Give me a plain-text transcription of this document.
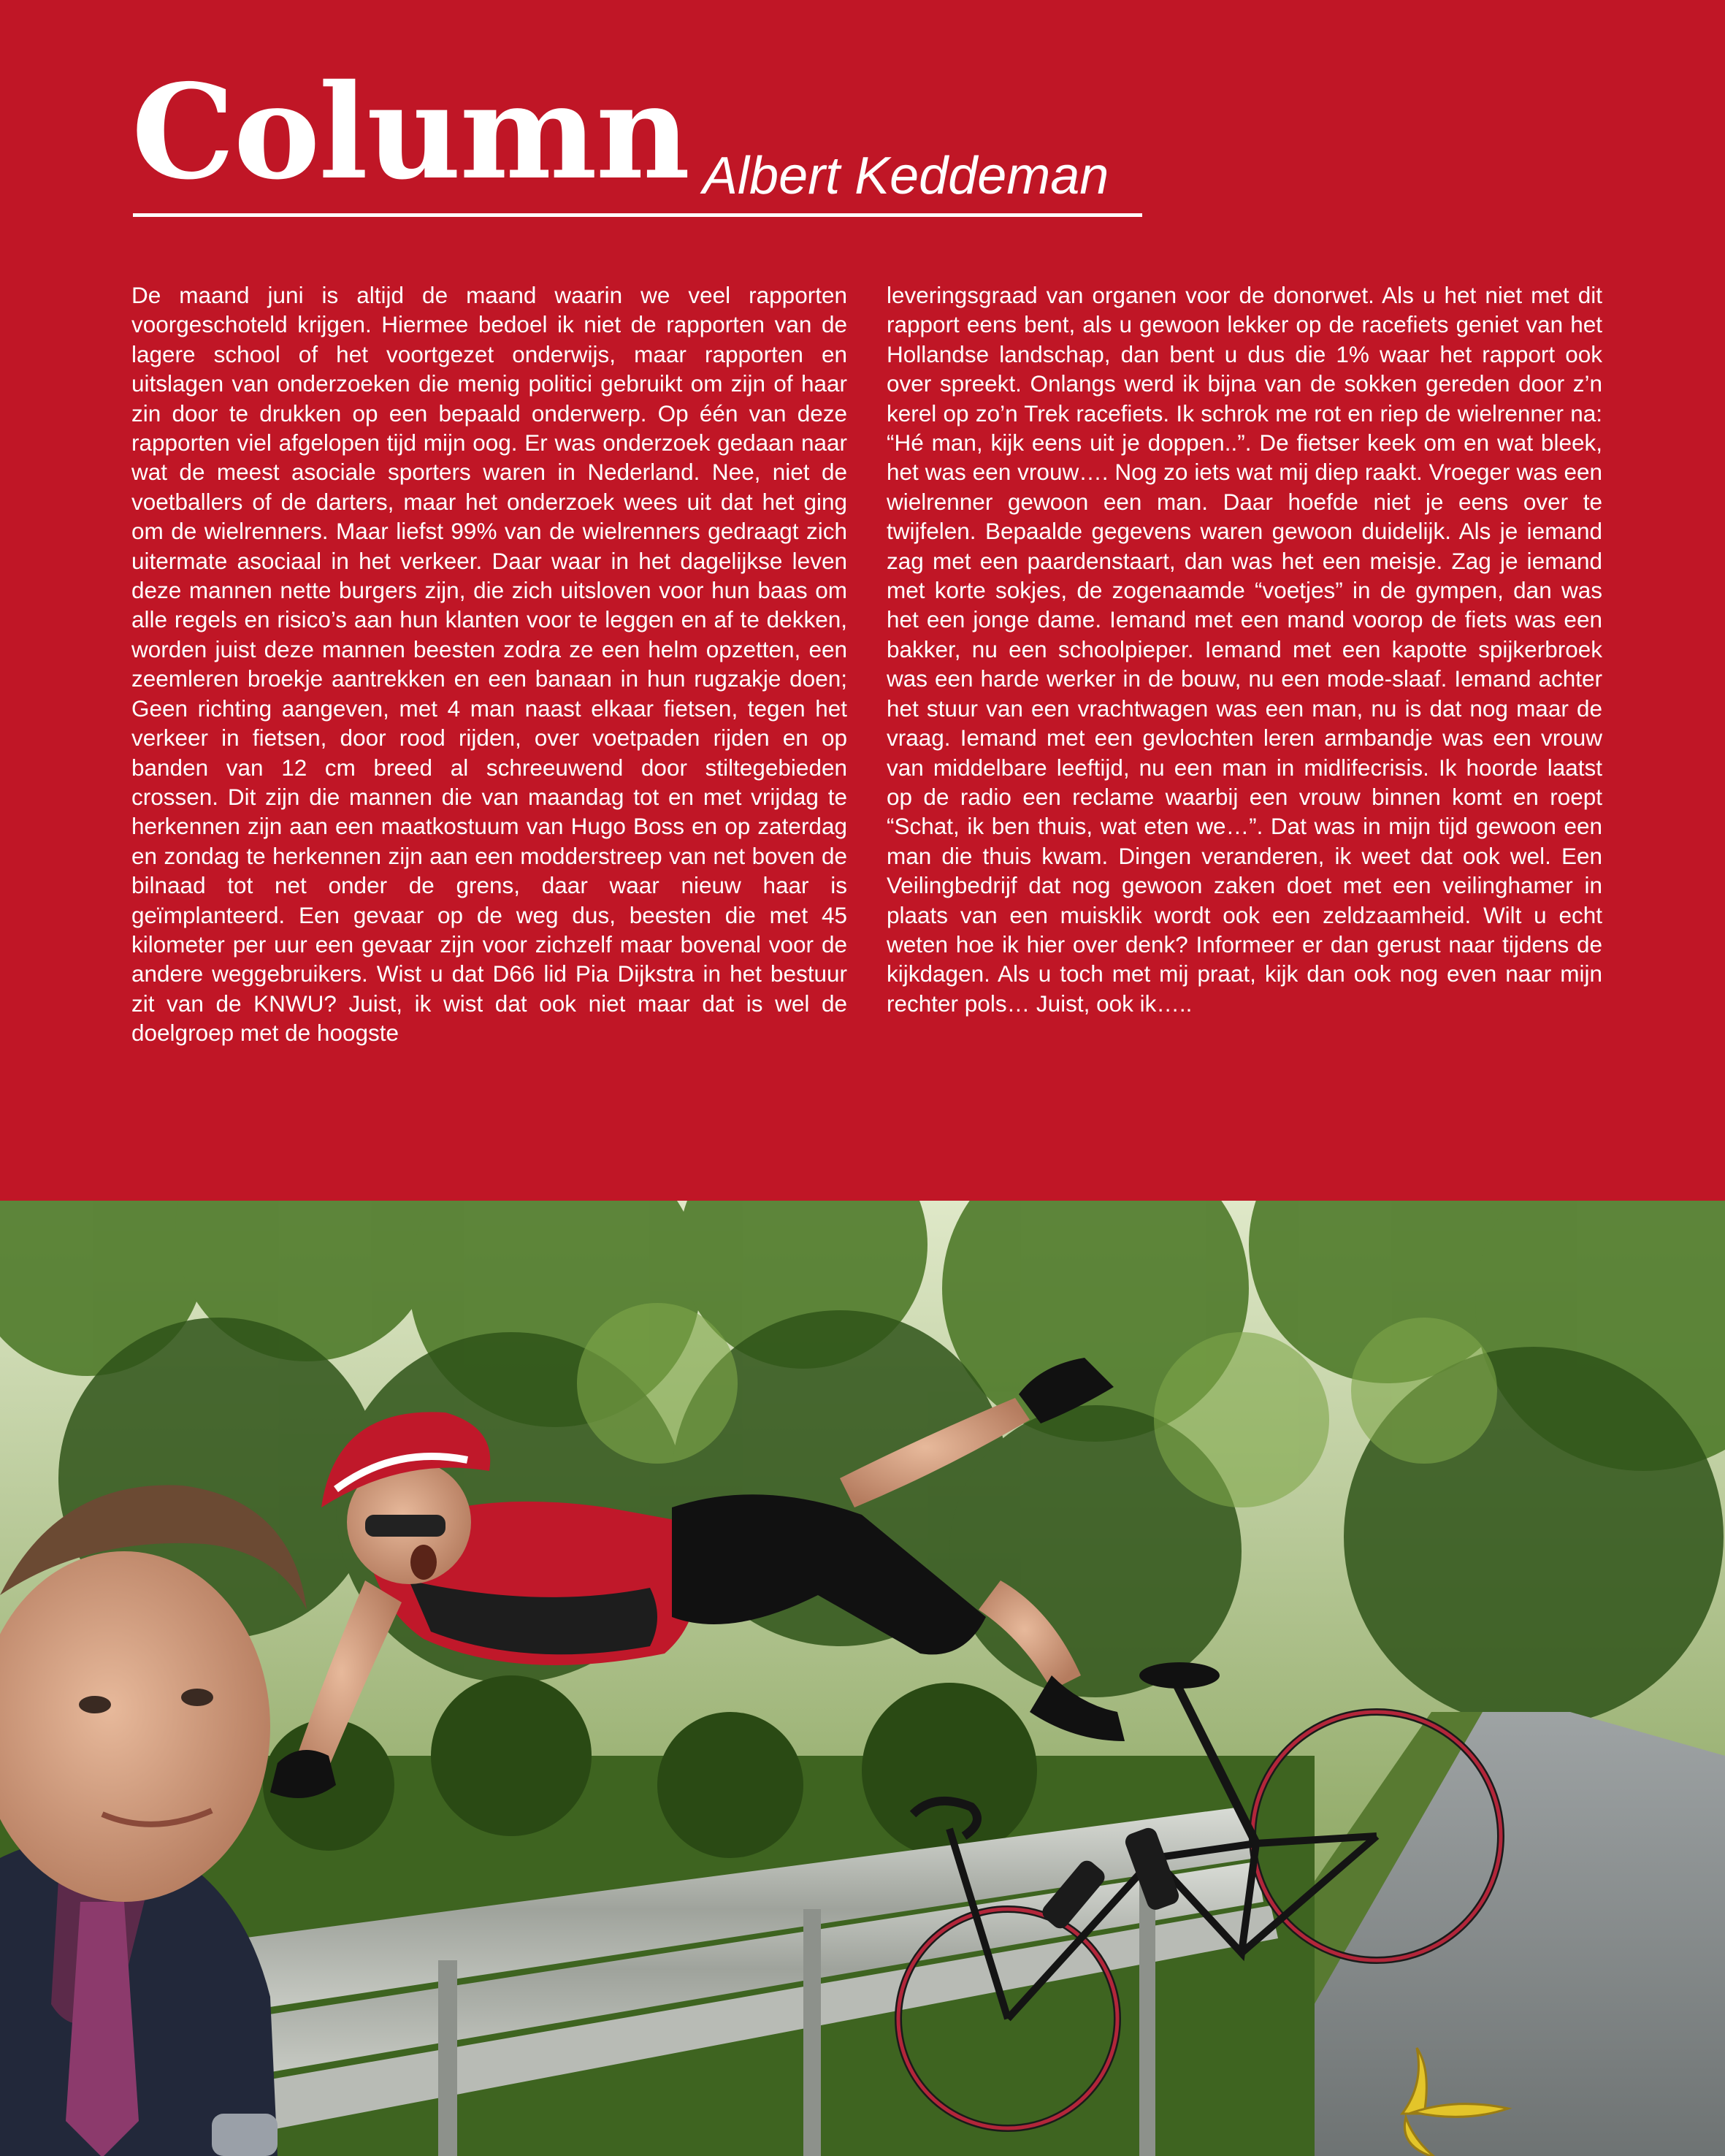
Column Albert Keddeman
De maand juni is altijd de maand waarin we veel rapporten voorgeschoteld krijgen. Hiermee bedoel ik niet de rapporten van de lagere school of het voortgezet onderwijs, maar rapporten en uitslagen van onderzoeken die menig politici gebruikt om zijn of haar zin door te drukken op een bepaald onderwerp. Op één van deze rapporten viel afgelopen tijd mijn oog. Er was onderzoek gedaan naar wat de meest asociale sporters waren in Nederland. Nee, niet de voetballers of de darters, maar het onderzoek wees uit dat het ging om de wielrenners. Maar liefst 99% van de wielrenners gedraagt zich uitermate asociaal in het verkeer. Daar waar in het dagelijkse leven deze mannen nette burgers zijn, die zich uitsloven voor hun baas om alle regels en risico’s aan hun klanten voor te leggen en af te dekken, worden juist deze mannen beesten zodra ze een helm opzetten, een zeemleren broekje aantrekken en een banaan in hun rugzakje doen; Geen richting aangeven, met 4 man naast elkaar fietsen, tegen het verkeer in fietsen, door rood rijden, over voetpaden rijden en op banden van 12 cm breed al schreeuwend door stiltegebieden crossen. Dit zijn die mannen die van maandag tot en met vrijdag te herkennen zijn aan een maatkostuum van Hugo Boss en op zaterdag en zondag te herkennen zijn aan een modderstreep van net boven de bilnaad tot net onder de grens, daar waar nieuw haar is geïmplanteerd. Een gevaar op de weg dus, beesten die met 45 kilometer per uur een gevaar zijn voor zichzelf maar bovenal voor de andere weggebruikers. Wist u dat D66 lid Pia Dijkstra in het bestuur zit van de KNWU? Juist, ik wist dat ook niet maar dat is wel de doelgroep met de hoogste
leveringsgraad van organen voor de donorwet. Als u het niet met dit rapport eens bent, als u gewoon lekker op de racefiets geniet van het Hollandse landschap, dan bent u dus die 1% waar het rapport ook over spreekt. Onlangs werd ik bijna van de sokken gereden door z’n kerel op zo’n Trek racefiets. Ik schrok me rot en riep de wielrenner na: “Hé man, kijk eens uit je doppen..”. De fietser keek om en wat bleek, het was een vrouw…. Nog zo iets wat mij diep raakt. Vroeger was een wielrenner gewoon een man. Daar hoefde niet je eens over te twijfelen. Bepaalde gegevens waren gewoon duidelijk. Als je iemand zag met een paardenstaart, dan was het een meisje. Zag je iemand met korte sokjes, de zogenaamde “voetjes” in de gympen, dan was het een jonge dame. Iemand met een mand voorop de fiets was een bakker, nu een schoolpieper. Iemand met een kapotte spijkerbroek was een harde werker in de bouw, nu een mode-slaaf. Iemand achter het stuur van een vrachtwagen was een man, nu is dat nog maar de vraag. Iemand met een gevlochten leren armbandje was een vrouw van middelbare leeftijd, nu een man in midlifecrisis. Ik hoorde laatst op de radio een reclame waarbij een vrouw binnen komt en roept “Schat, ik ben thuis, wat eten we…”. Dat was in mijn tijd gewoon een man die thuis kwam. Dingen veranderen, ik weet dat ook wel. Een Veilingbedrijf dat nog gewoon zaken doet met een veilinghamer in plaats van een muisklik wordt ook een zeldzaamheid. Wilt u echt weten hoe ik hier over denk? Informeer er dan gerust naar tijdens de kijkdagen. Als u toch met mij praat, kijk dan ook nog even naar mijn rechter pols… Juist, ook ik…..
